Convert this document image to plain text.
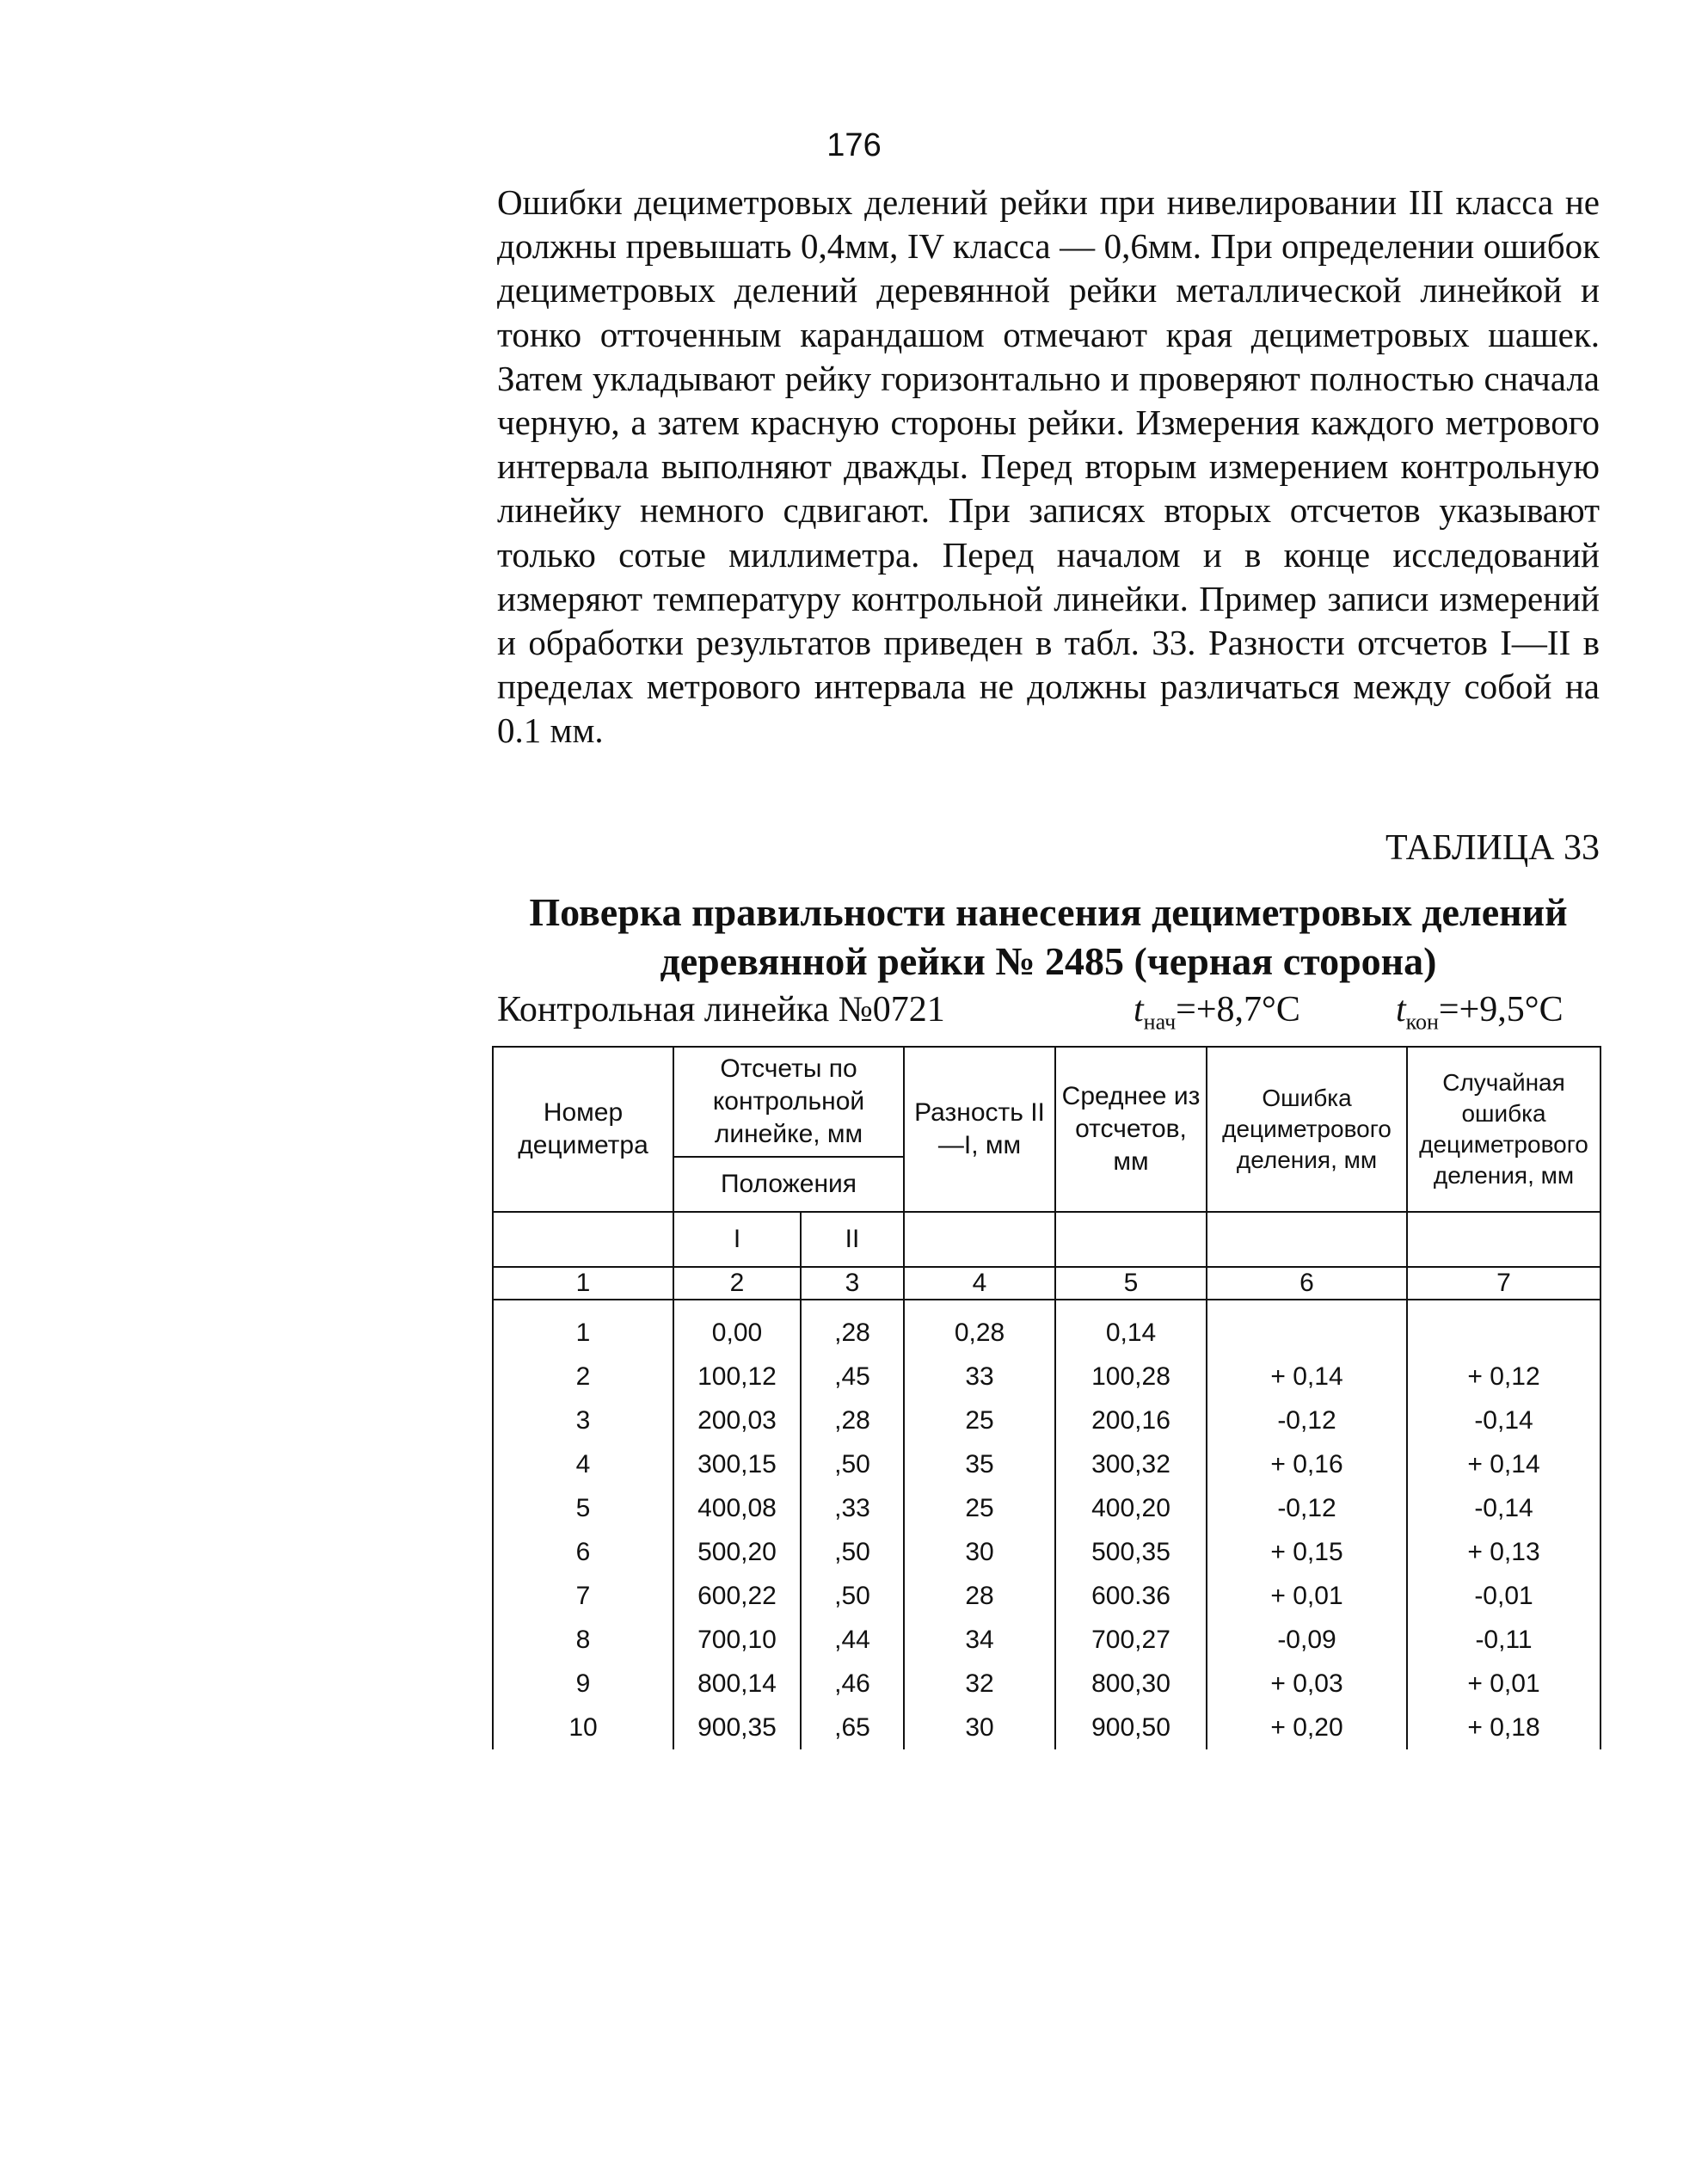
176

Ошибки дециметровых делений рейки при нивелировании III класса не должны превышать 0,4мм, IV класса — 0,6мм. При определении ошибок дециметровых делений деревянной рейки металлической линейкой и тонко отточенным карандашом отмечают края дециметровых шашек. Затем укладывают рейку горизонтально и проверяют полностью сначала черную, а затем красную стороны рейки. Измерения каждого метрового интервала выполняют дважды. Перед вторым измерением контрольную линейку немного сдвигают. При записях вторых отсчетов указывают только сотые миллиметра. Перед началом и в конце исследований измеряют температуру контрольной линейки. Пример записи измерений и обработки результатов приведен в табл. 33. Разности отсчетов I—II в пределах метрового интервала не должны различаться между собой на 0.1 мм.

ТАБЛИЦА 33
Поверка правильности нанесения дециметровых делений
деревянной рейки № 2485 (черная сторона)
Контрольная линейка №0721	$t_{нач}=+8,7^\circ С$	$t_{кон}=+9,5^\circ С$
Номер дециметра	Отсчеты по контрольной линейке, мм		Разность II—I, мм	Среднее из отсчетов, мм	Ошибка дециметрового деления, мм	Случайная ошибка дециметрового деления, мм
	Положения					
	I	II				
1	2	3	4	5	6	7

1	0,00	,28	0,28	0,14		
2	100,12	,45	33	100,28	+ 0,14	+ 0,12
3	200,03	,28	25	200,16	-0,12	-0,14
4	300,15	,50	35	300,32	+ 0,16	+ 0,14
5	400,08	,33	25	400,20	-0,12	-0,14
6	500,20	,50	30	500,35	+ 0,15	+ 0,13
7	600,22	,50	28	600.36	+ 0,01	-0,01
8	700,10	,44	34	700,27	-0,09	-0,11
9	800,14	,46	32	800,30	+ 0,03	+ 0,01
10	900,35	,65	30	900,50	+ 0,20	+ 0,18
